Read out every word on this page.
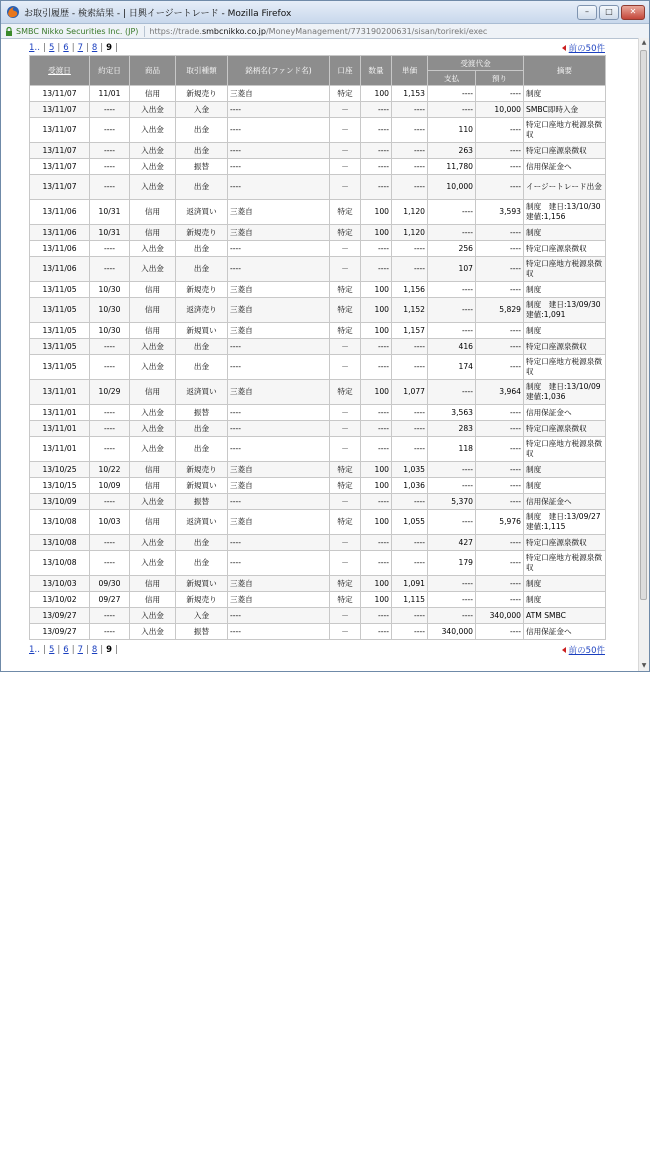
お取引履歴 - 検索結果 - | 日興イージートレード - Mozilla Firefox	–	□	✕
SMBC Nikko Securities Inc. (JP) https://trade.smbcnikko.co.jp/MoneyManagement/773190200631/sisan/torireki/exec
1‥ | 5 | 6 | 7 | 8 | 9 |	前の50件
受渡日	約定日	商品	取引種類	銘柄名(ファンド名)	口座	数量	単価	受渡代金		摘要
								支払	預り	
13/11/07	11/01	信用	新規売り	三菱自	特定	100	1,153	----	----	制度
13/11/07	----	入出金	入金	----	－	----	----	----	10,000	SMBC即時入金
13/11/07	----	入出金	出金	----	－	----	----	110	----	特定口座地方税源泉徴収
13/11/07	----	入出金	出金	----	－	----	----	263	----	特定口座源泉徴収
13/11/07	----	入出金	振替	----	－	----	----	11,780	----	信用保証金へ
13/11/07	----	入出金	出金	----	－	----	----	10,000	----	イージートレード出金
13/11/06	10/31	信用	返済買い	三菱自	特定	100	1,120	----	3,593	制度　建日:13/10/30　建値:1,156
13/11/06	10/31	信用	新規売り	三菱自	特定	100	1,120	----	----	制度
13/11/06	----	入出金	出金	----	－	----	----	256	----	特定口座源泉徴収
13/11/06	----	入出金	出金	----	－	----	----	107	----	特定口座地方税源泉徴収
13/11/05	10/30	信用	新規売り	三菱自	特定	100	1,156	----	----	制度
13/11/05	10/30	信用	返済売り	三菱自	特定	100	1,152	----	5,829	制度　建日:13/09/30　建値:1,091
13/11/05	10/30	信用	新規買い	三菱自	特定	100	1,157	----	----	制度
13/11/05	----	入出金	出金	----	－	----	----	416	----	特定口座源泉徴収
13/11/05	----	入出金	出金	----	－	----	----	174	----	特定口座地方税源泉徴収
13/11/01	10/29	信用	返済買い	三菱自	特定	100	1,077	----	3,964	制度　建日:13/10/09　建値:1,036
13/11/01	----	入出金	振替	----	－	----	----	3,563	----	信用保証金へ
13/11/01	----	入出金	出金	----	－	----	----	283	----	特定口座源泉徴収
13/11/01	----	入出金	出金	----	－	----	----	118	----	特定口座地方税源泉徴収
13/10/25	10/22	信用	新規売り	三菱自	特定	100	1,035	----	----	制度
13/10/15	10/09	信用	新規買い	三菱自	特定	100	1,036	----	----	制度
13/10/09	----	入出金	振替	----	－	----	----	5,370	----	信用保証金へ
13/10/08	10/03	信用	返済買い	三菱自	特定	100	1,055	----	5,976	制度　建日:13/09/27　建値:1,115
13/10/08	----	入出金	出金	----	－	----	----	427	----	特定口座源泉徴収
13/10/08	----	入出金	出金	----	－	----	----	179	----	特定口座地方税源泉徴収
13/10/03	09/30	信用	新規買い	三菱自	特定	100	1,091	----	----	制度
13/10/02	09/27	信用	新規売り	三菱自	特定	100	1,115	----	----	制度
13/09/27	----	入出金	入金	----	－	----	----	----	340,000	ATM SMBC
13/09/27	----	入出金	振替	----	－	----	----	340,000	----	信用保証金へ
1‥ | 5 | 6 | 7 | 8 | 9 |	前の50件
▲
▼
